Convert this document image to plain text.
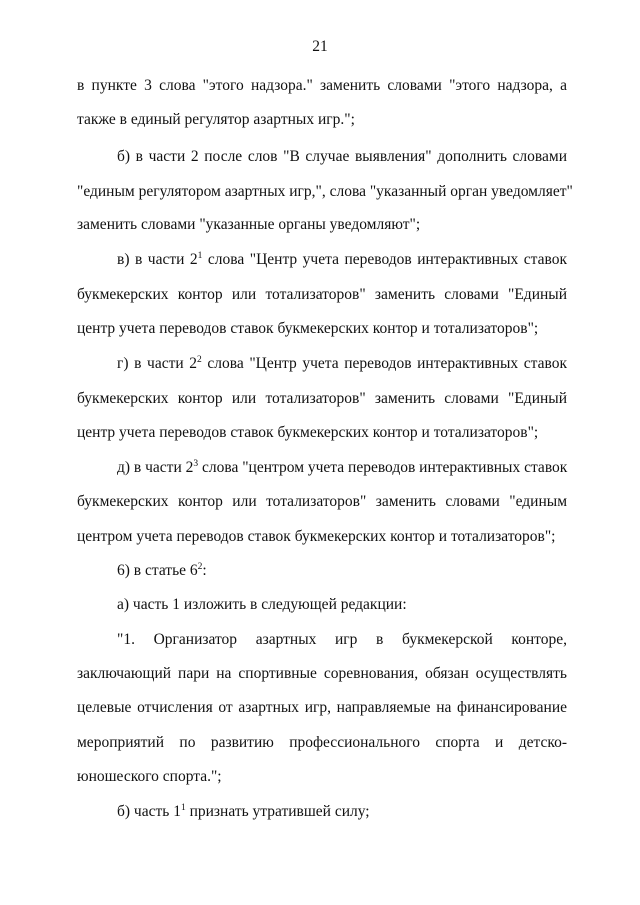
21
в пункте 3 слова "этого надзора." заменить словами "этого надзора, а
также в единый регулятор азартных игр.";
б) в части 2 после слов "В случае выявления" дополнить словами
"единым регулятором азартных игр,", слова "указанный орган уведомляет"
заменить словами "указанные органы уведомляют";
в) в части $2^1$ слова "Центр учета переводов интерактивных ставок
букмекерских контор или тотализаторов" заменить словами "Единый
центр учета переводов ставок букмекерских контор и тотализаторов";
г) в части $2^2$ слова "Центр учета переводов интерактивных ставок
букмекерских контор или тотализаторов" заменить словами "Единый
центр учета переводов ставок букмекерских контор и тотализаторов";
д) в части $2^3$ слова "центром учета переводов интерактивных ставок
букмекерских контор или тотализаторов" заменить словами "единым
центром учета переводов ставок букмекерских контор и тотализаторов";
6) в статье $6^2$:
а) часть 1 изложить в следующей редакции:
"1. Организатор азартных игр в букмекерской конторе,
заключающий пари на спортивные соревнования, обязан осуществлять
целевые отчисления от азартных игр, направляемые на финансирование
мероприятий по развитию профессионального спорта и детско-
юношеского спорта.";
б) часть $1^1$ признать утратившей силу;
